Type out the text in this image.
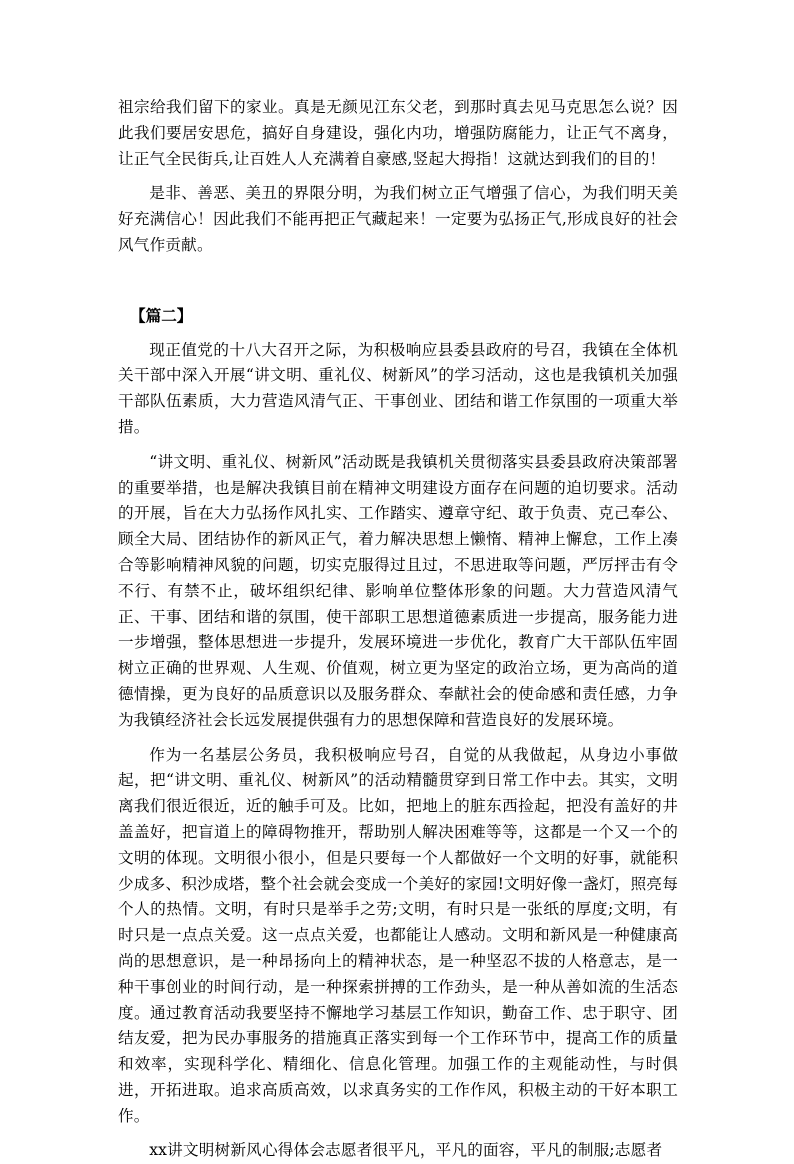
祖宗给我们留下的家业。真是无颜见江东父老，到那时真去见马克思怎么说？因此我们要居安思危，搞好自身建设，强化内功，增强防腐能力，让正气不离身，让正气全民街兵,让百姓人人充满着自豪感,竖起大拇指！这就达到我们的目的！

是非、善恶、美丑的界限分明，为我们树立正气增强了信心，为我们明天美好充满信心！因此我们不能再把正气藏起来！一定要为弘扬正气,形成良好的社会风气作贡献。

【篇二】

现正值党的十八大召开之际，为积极响应县委县政府的号召，我镇在全体机关干部中深入开展“讲文明、重礼仪、树新风”的学习活动，这也是我镇机关加强干部队伍素质，大力营造风清气正、干事创业、团结和谐工作氛围的一项重大举措。

“讲文明、重礼仪、树新风”活动既是我镇机关贯彻落实县委县政府决策部署的重要举措，也是解决我镇目前在精神文明建设方面存在问题的迫切要求。活动的开展，旨在大力弘扬作风扎实、工作踏实、遵章守纪、敢于负责、克己奉公、顾全大局、团结协作的新风正气，着力解决思想上懒惰、精神上懈怠，工作上凑合等影响精神风貌的问题，切实克服得过且过，不思进取等问题，严厉抨击有令不行、有禁不止，破坏组织纪律、影响单位整体形象的问题。大力营造风清气正、干事、团结和谐的氛围，使干部职工思想道德素质进一步提高，服务能力进一步增强，整体思想进一步提升，发展环境进一步优化，教育广大干部队伍牢固树立正确的世界观、人生观、价值观，树立更为坚定的政治立场，更为高尚的道德情操，更为良好的品质意识以及服务群众、奉献社会的使命感和责任感，力争为我镇经济社会长远发展提供强有力的思想保障和营造良好的发展环境。

作为一名基层公务员，我积极响应号召，自觉的从我做起，从身边小事做起，把“讲文明、重礼仪、树新风”的活动精髓贯穿到日常工作中去。其实，文明离我们很近很近，近的触手可及。比如，把地上的脏东西捡起，把没有盖好的井盖盖好，把盲道上的障碍物推开，帮助别人解决困难等等，这都是一个又一个的文明的体现。文明很小很小，但是只要每一个人都做好一个文明的好事，就能积少成多、积沙成塔，整个社会就会变成一个美好的家园!文明好像一盏灯，照亮每个人的热情。文明，有时只是举手之劳;文明，有时只是一张纸的厚度;文明，有时只是一点点关爱。这一点点关爱，也都能让人感动。文明和新风是一种健康高尚的思想意识，是一种昂扬向上的精神状态，是一种坚忍不拔的人格意志，是一种干事创业的时间行动，是一种探索拼搏的工作劲头，是一种从善如流的生活态度。通过教育活动我要坚持不懈地学习基层工作知识，勤奋工作、忠于职守、团结友爱，把为民办事服务的措施真正落实到每一个工作环节中，提高工作的质量和效率，实现科学化、精细化、信息化管理。加强工作的主观能动性，与时俱进，开拓进取。追求高质高效，以求真务实的工作作风，积极主动的干好本职工作。

xx讲文明树新风心得体会志愿者很平凡，平凡的面容，平凡的制服;志愿者
